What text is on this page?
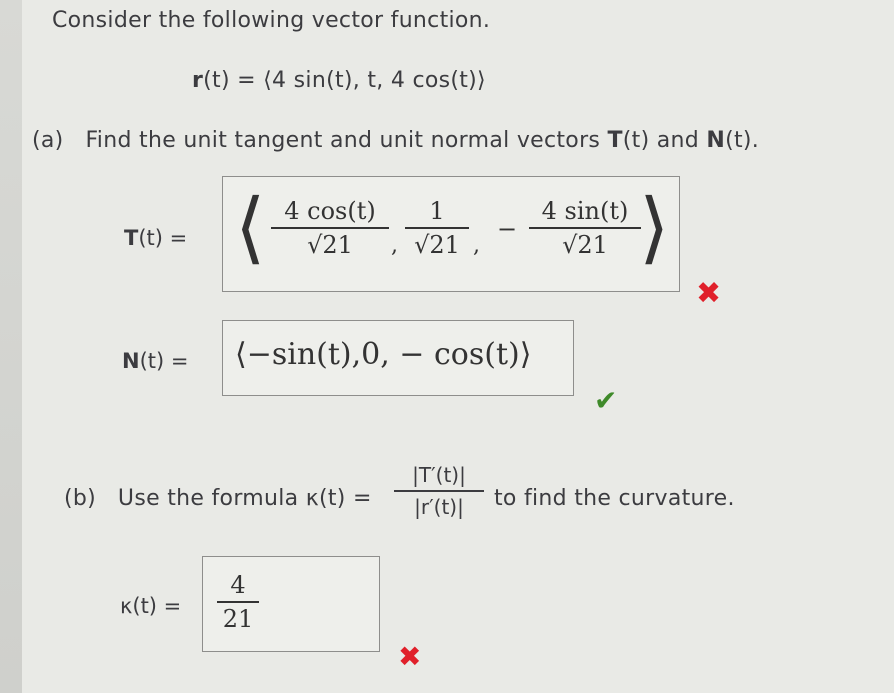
Consider the following vector function.
r(t) = ⟨4 sin(t), t, 4 cos(t)⟩
(a) Find the unit tangent and unit normal vectors T(t) and N(t).
T(t) = ⟨ 4 cos(t)
√21	,
1
√21 ,
−
4 sin(t)
√21 ⟩
✖
N(t) = ⟨−sin(t),0, − cos(t)⟩
✔
(b) Use the formula κ(t) =
|T′(t)|
|r′(t)|	to find the curvature.
κ(t) =
4
21
✖
